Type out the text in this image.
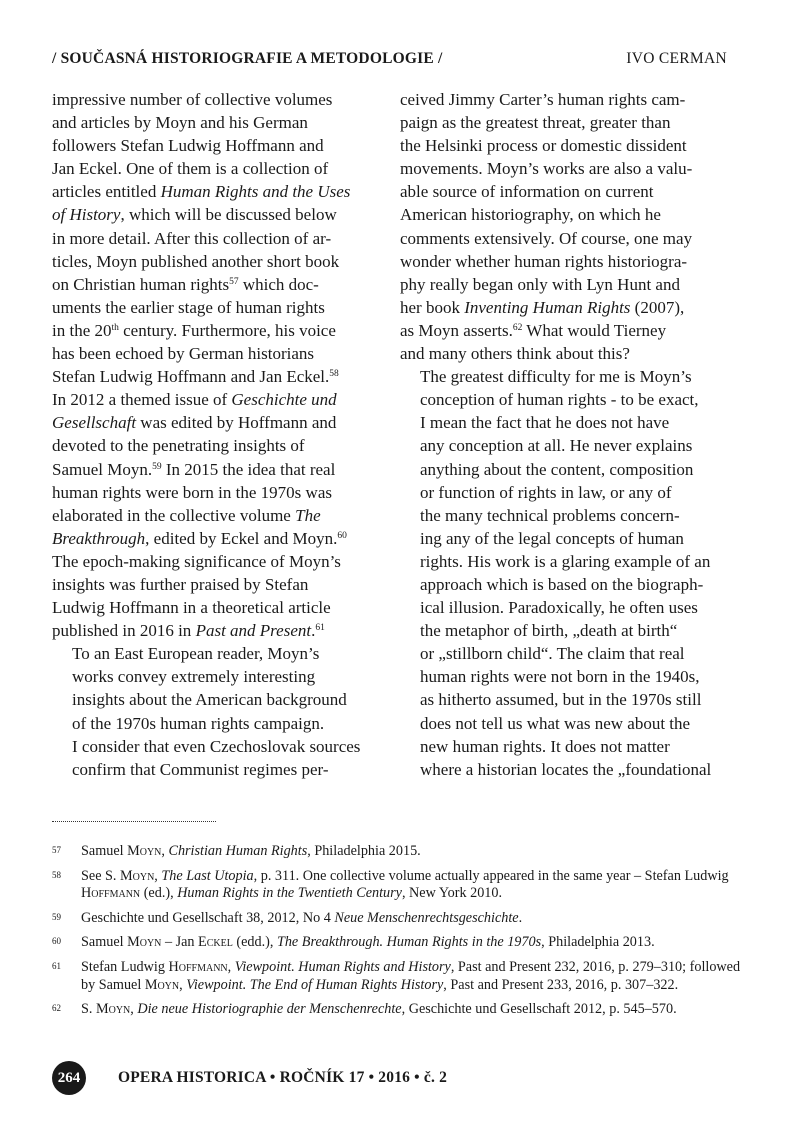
/ SOUČASNÁ HISTORIOGRAFIE A METODOLOGIE /	IVO CERMAN

impressive number of collective volumes
and articles by Moyn and his German
followers Stefan Ludwig Hoffmann and
Jan Eckel. One of them is a collection of
articles entitled Human Rights and the Uses
of History, which will be discussed below
in more detail. After this collection of ar-
ticles, Moyn published another short book
on Christian human rights$^{57}$ which doc-
uments the earlier stage of human rights
in the 20th century. Furthermore, his voice
has been echoed by German historians
Stefan Ludwig Hoffmann and Jan Eckel.$^{58}$
In 2012 a themed issue of Geschichte und
Gesellschaft was edited by Hoffmann and
devoted to the penetrating insights of
Samuel Moyn.$^{59}$ In 2015 the idea that real
human rights were born in the 1970s was
elaborated in the collective volume The
Breakthrough, edited by Eckel and Moyn.$^{60}$
The epoch-making significance of Moyn’s
insights was further praised by Stefan
Ludwig Hoffmann in a theoretical article
published in 2016 in Past and Present.$^{61}$

To an East European reader, Moyn’s
works convey extremely interesting
insights about the American background
of the 1970s human rights campaign.
I consider that even Czechoslovak sources
confirm that Communist regimes per-

ceived Jimmy Carter’s human rights cam-
paign as the greatest threat, greater than
the Helsinki process or domestic dissident
movements. Moyn’s works are also a valu-
able source of information on current
American historiography, on which he
comments extensively. Of course, one may
wonder whether human rights historiogra-
phy really began only with Lyn Hunt and
her book Inventing Human Rights (2007),
as Moyn asserts.$^{62}$ What would Tierney
and many others think about this?

The greatest difficulty for me is Moyn’s
conception of human rights - to be exact,
I mean the fact that he does not have
any conception at all. He never explains
anything about the content, composition
or function of rights in law, or any of
the many technical problems concern-
ing any of the legal concepts of human
rights. His work is a glaring example of an
approach which is based on the biograph-
ical illusion. Paradoxically, he often uses
the metaphor of birth, „death at birth“
or „stillborn child“. The claim that real
human rights were not born in the 1940s,
as hitherto assumed, but in the 1970s still
does not tell us what was new about the
new human rights. It does not matter
where a historian locates the „foundational

57	Samuel Moyn, Christian Human Rights, Philadelphia 2015.
58	See S. Moyn, The Last Utopia, p. 311. One collective volume actually appeared in the same year – Stefan Ludwig Hoffmann (ed.), Human Rights in the Twentieth Century, New York 2010.
59	Geschichte und Gesellschaft 38, 2012, No 4 Neue Menschenrechtsgeschichte.
60	Samuel Moyn – Jan Eckel (edd.), The Breakthrough. Human Rights in the 1970s, Philadelphia 2013.
61	Stefan Ludwig Hoffmann, Viewpoint. Human Rights and History, Past and Present 232, 2016, p. 279–310; followed by Samuel Moyn, Viewpoint. The End of Human Rights History, Past and Present 233, 2016, p. 307–322.
62	S. Moyn, Die neue Historiographie der Menschenrechte, Geschichte und Gesellschaft 2012, p. 545–570.
264	OPERA HISTORICA • ROČNÍK 17 • 2016 • č. 2
